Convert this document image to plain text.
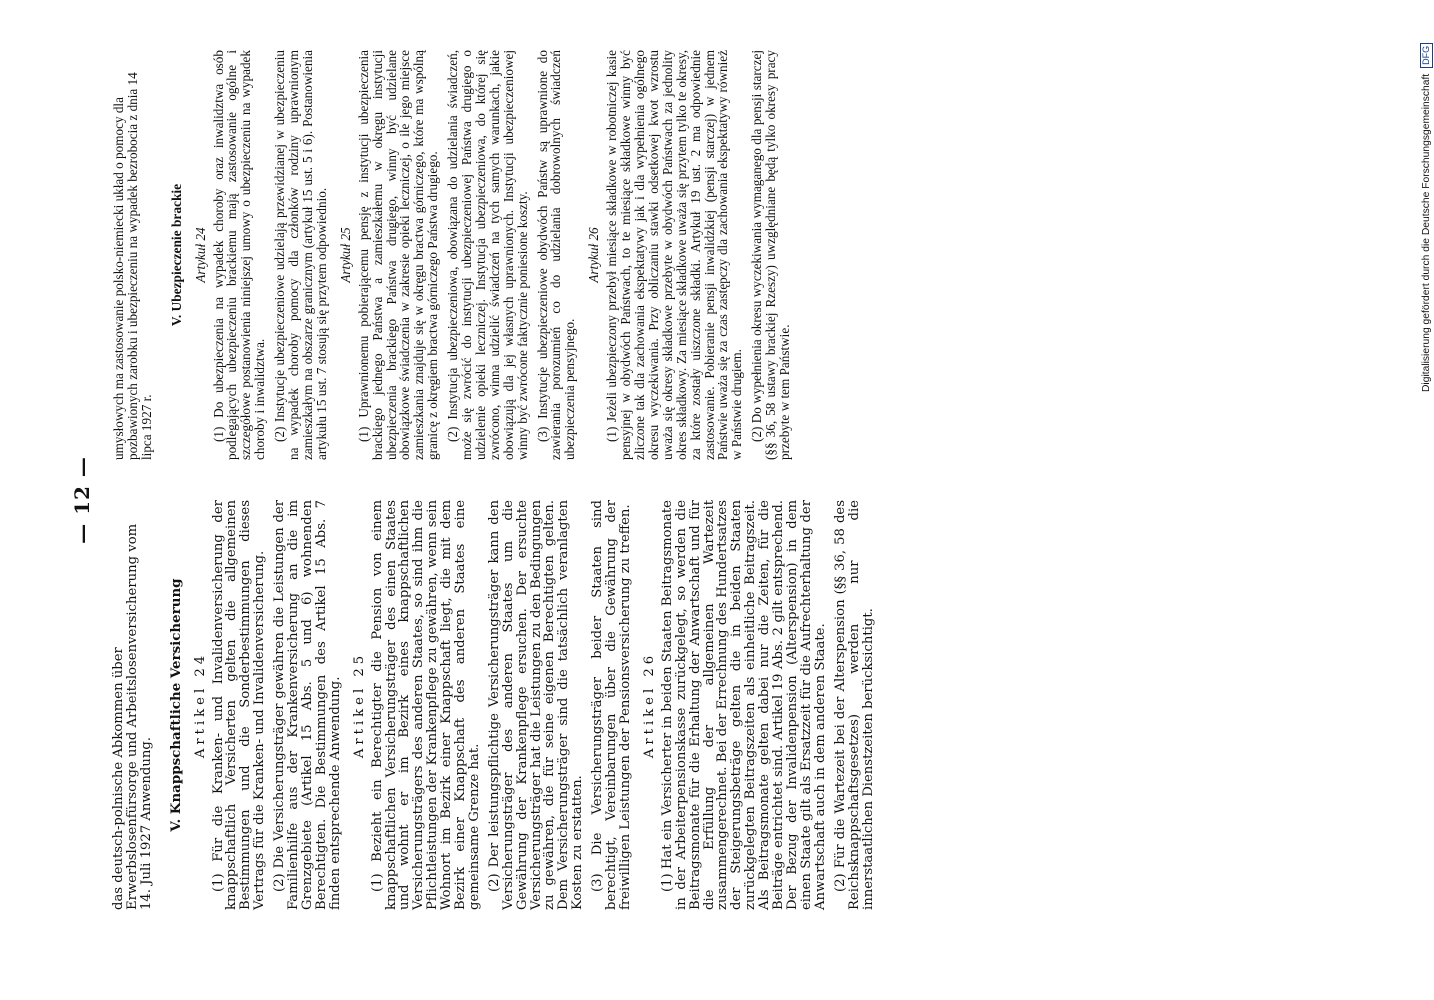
— 12 —

das deutsch-polnische Abkommen über Erwerbslosenfürsorge und Arbeitslosenversicherung vom 14. Juli 1927 Anwendung. V. Knappschaftliche Versicherung Artikel 24 (1) Für die Kranken- und Invalidenversicherung der knappschaftlich Versicherten gelten die allgemeinen Bestimmungen und die Sonderbestimmungen dieses Vertrags für die Kranken- und Invalidenversicherung. (2) Die Versicherungsträger gewähren die Leistungen der Familienhilfe aus der Krankenversicherung an die im Grenzgebiete (Artikel 15 Abs. 5 und 6) wohnenden Berechtigten. Die Bestimmungen des Artikel 15 Abs. 7 finden entsprechende Anwendung. Artikel 25 (1) Bezieht ein Berechtigter die Pension von einem knappschaftlichen Versicherungsträger des einen Staates und wohnt er im Bezirk eines knappschaftlichen Versicherungsträgers des anderen Staates, so sind ihm die Pflichtleistungen der Krankenpflege zu gewähren, wenn sein Wohnort im Bezirk einer Knappschaft liegt, die mit dem Bezirk einer Knappschaft des anderen Staates eine gemeinsame Grenze hat. (2) Der leistungspflichtige Versicherungsträger kann den Versicherungsträger des anderen Staates um die Gewährung der Krankenpflege ersuchen. Der ersuchte Versicherungsträger hat die Leistungen zu den Bedingungen zu gewähren, die für seine eigenen Berechtigten gelten. Dem Versicherungsträger sind die tatsächlich veranlagten Kosten zu erstatten. (3) Die Versicherungsträger beider Staaten sind berechtigt, Vereinbarungen über die Gewährung der freiwilligen Leistungen der Pensionsversicherung zu treffen. Artikel 26 (1) Hat ein Versicherter in beiden Staaten Beitragsmonate in der Arbeiterpensionskasse zurückgelegt, so werden die Beitragsmonate für die Erhaltung der Anwartschaft und für die Erfüllung der allgemeinen Wartezeit zusammengerechnet. Bei der Errechnung des Hundertsatzes der Steigerungsbeträge gelten die in beiden Staaten zurückgelegten Beitragszeiten als einheitliche Beitragszeit. Als Beitragsmonate gelten dabei nur die Zeiten, für die Beiträge entrichtet sind. Artikel 19 Abs. 2 gilt entsprechend. Der Bezug der Invalidenpension (Alterspension) in dem einen Staate gilt als Ersatzzeit für die Aufrechterhaltung der Anwartschaft auch in dem anderen Staate. (2) Für die Wartezeit bei der Alterspension (§§ 36, 58 des Reichsknappschaftsgesetzes) werden nur die innerstaatlichen Dienstzeiten berücksichtigt.

umysłowych ma zastosowanie polsko-niemiecki układ o pomocy dla pozbawionych zarobku i ubezpieczeniu na wypadek bezrobocia z dnia 14 lipca 1927 r.

V. Ubezpieczenie brackie Artykuł 24 (1) Do ubezpieczenia na wypadek choroby oraz inwalidztwa osób podlegających ubezpieczeniu brackiemu mają zastosowanie ogólne i szczegółowe postanowienia niniejszej umowy o ubezpieczeniu na wypadek choroby i inwalidztwa. (2) Instytucje ubezpieczeniowe udzielają przewidzianej w ubezpieczeniu na wypadek choroby pomocy dla członków rodziny uprawnionym zamieszkałym na obszarze granicznym (artykuł 15 ust. 5 i 6). Postanowienia artykułu 15 ust. 7 stosują się przytem odpowiednio. Artykuł 25 (1) Uprawnionemu pobierającemu pensję z instytucji ubezpieczenia brackiego jednego Państwa a zamieszkałemu w okręgu instytucji ubezpieczenia brackiego Państwa drugiego, winny być udzielane obowiązkowe świadczenia w zakresie opieki leczniczej, o ile jego miejsce zamieszkania znajduje się w okręgu bractwa górniczego, które ma wspólną granicę z okręgiem bractwa górniczego Państwa drugiego. (2) Instytucja ubezpieczeniowa, obowiązana do udzielania świadczeń, może się zwrócić do instytucji ubezpieczeniowej Państwa drugiego o udzielenie opieki leczniczej. Instytucja ubezpieczeniowa, do której się zwrócono, winna udzielić świadczeń na tych samych warunkach, jakie obowiązują dla jej własnych uprawnionych. Instytucji ubezpieczeniowej winny być zwrócone faktycznie poniesione koszty. (3) Instytucje ubezpieczeniowe obydwóch Państw są uprawnione do zawierania porozumień co do udzielania dobrowolnych świadczeń ubezpieczenia pensyjnego.

Artykuł 26 (1) Jeżeli ubezpieczony przebył miesiące składkowe w robotniczej kasie pensyjnej w obydwóch Państwach, to te miesiące składkowe winny być zliczone tak dla zachowania ekspektatywy jak i dla wypełnienia ogólnego okresu wyczekiwania. Przy obliczaniu stawki odsetkowej kwot wzrostu uważa się okresy składkowe przebyte w obydwóch Państwach za jednolity okres składkowy. Za miesiące składkowe uważa się przytem tylko te okresy, za które zostały uiszczone składki. Artykuł 19 ust. 2 ma odpowiednie zastosowanie. Pobieranie pensji inwalidzkiej (pensji starczej) w jednem Państwie uważa się za czas zastępczy dla zachowania ekspektatywy również w Państwie drugiem. (2) Do wypełnienia okresu wyczekiwania wymaganego dla pensji starczej (§§ 36, 58 ustawy brackiej Rzeszy) uwzględniane będą tylko okresy pracy przebyte w tem Państwie.

Digitalisierung gefördert durch die Deutsche Forschungsgemeinschaft DFG
